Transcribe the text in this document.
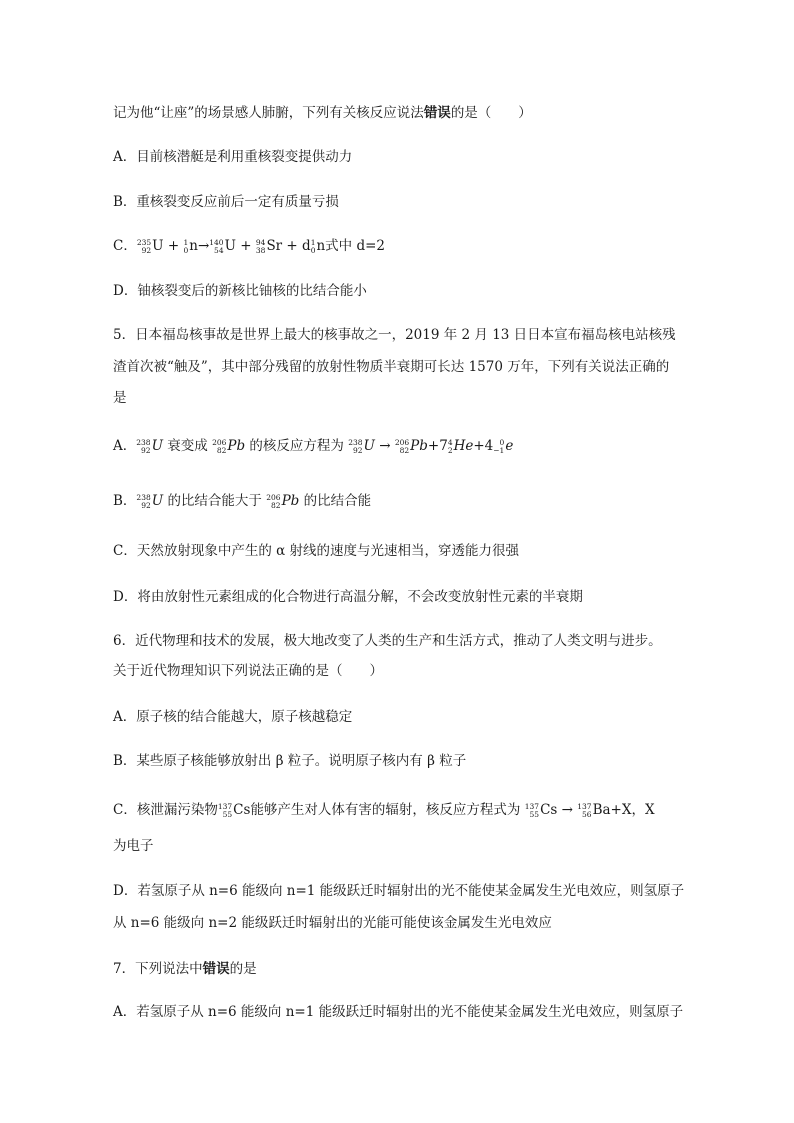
记为他“让座”的场景感人肺腑，下列有关核反应说法错误的是（　　）
A．目前核潜艇是利用重核裂变提供动力
B．重核裂变反应前后一定有质量亏损
C． 235
92 U + 1
0 n→ 140
54 U + 94
38 Sr + d 1
0 n式中 d=2
D．铀核裂变后的新核比铀核的比结合能小
5．日本福岛核事故是世界上最大的核事故之一，2019 年 2 月 13 日日本宣布福岛核电站核残
渣首次被“触及”，其中部分残留的放射性物质半衰期可长达 1570 万年，下列有关说法正确的
是
A． 238
92 U 衰变成 206
82 Pb 的核反应方程为 238
92 U → 206
82 Pb+7 4
2 He+4 0
−1 e
B． 238
92 U 的比结合能大于 206
82 Pb 的比结合能
C．天然放射现象中产生的 α 射线的速度与光速相当，穿透能力很强
D．将由放射性元素组成的化合物进行高温分解，不会改变放射性元素的半衰期
6．近代物理和技术的发展，极大地改变了人类的生产和生活方式，推动了人类文明与进步。
关于近代物理知识下列说法正确的是（　　）
A．原子核的结合能越大，原子核越稳定
B．某些原子核能够放射出 β 粒子。说明原子核内有 β 粒子
C．核泄漏污染物 137
55 Cs能够产生对人体有害的辐射，核反应方程式为 137
55 Cs → 137
56 Ba+X，X
为电子
D．若氢原子从 n=6 能级向 n=1 能级跃迁时辐射出的光不能使某金属发生光电效应，则氢原子
从 n=6 能级向 n=2 能级跃迁时辐射出的光能可能使该金属发生光电效应
7．下列说法中错误的是
A．若氢原子从 n=6 能级向 n=1 能级跃迁时辐射出的光不能使某金属发生光电效应，则氢原子
